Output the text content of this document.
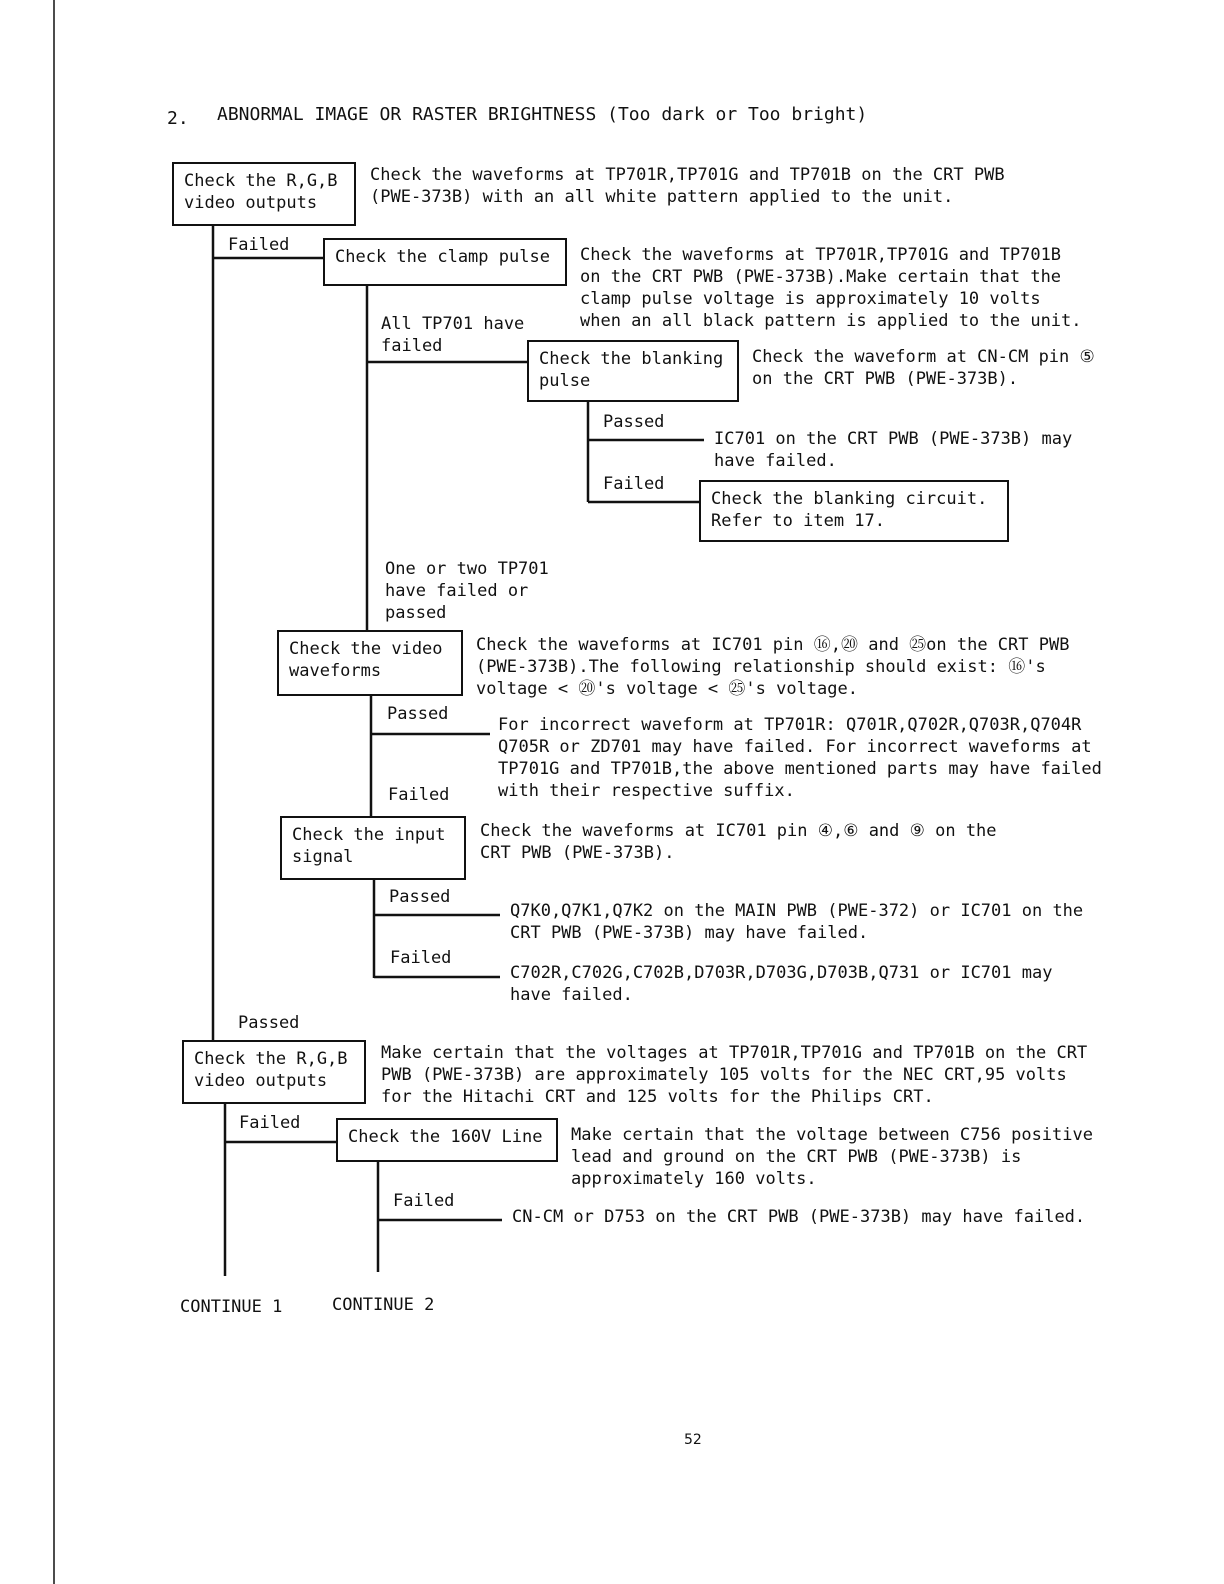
2. ABNORMAL IMAGE OR RASTER BRIGHTNESS (Too dark or Too bright)
Check the R,G,B
video outputs
Check the waveforms at TP701R,TP701G and TP701B on the CRT PWB
(PWE-373B) with an all white pattern applied to the unit.
Failed
Check the clamp pulse Check the waveforms at TP701R,TP701G and TP701B
on the CRT PWB (PWE-373B).Make certain that the
clamp pulse voltage is approximately 10 volts
when an all black pattern is applied to the unit.
All TP701 have
failed
Check the blanking
pulse
Check the waveform at CN-CM pin ⑤
on the CRT PWB (PWE-373B).
Passed
IC701 on the CRT PWB (PWE-373B) may
have failed.
Failed
Check the blanking circuit.
Refer to item 17.
One or two TP701
have failed or
passed
Check the video
waveforms
Check the waveforms at IC701 pin ⑯,⑳ and ㉕on the CRT PWB
(PWE-373B).The following relationship should exist: ⑯'s
voltage < ⑳'s voltage < ㉕'s voltage.
Passed
For incorrect waveform at TP701R: Q701R,Q702R,Q703R,Q704R
Q705R or ZD701 may have failed. For incorrect waveforms at
TP701G and TP701B,the above mentioned parts may have failed
with their respective suffix.
Failed
Check the input
signal
Check the waveforms at IC701 pin ④,⑥ and ⑨ on the
CRT PWB (PWE-373B).
Passed
Q7K0,Q7K1,Q7K2 on the MAIN PWB (PWE-372) or IC701 on the
CRT PWB (PWE-373B) may have failed.
Failed
C702R,C702G,C702B,D703R,D703G,D703B,Q731 or IC701 may
have failed.
Passed
Check the R,G,B
video outputs
Make certain that the voltages at TP701R,TP701G and TP701B on the CRT
PWB (PWE-373B) are approximately 105 volts for the NEC CRT,95 volts
for the Hitachi CRT and 125 volts for the Philips CRT.
Failed
Check the 160V Line Make certain that the voltage between C756 positive
lead and ground on the CRT PWB (PWE-373B) is
approximately 160 volts.
Failed
CN-CM or D753 on the CRT PWB (PWE-373B) may have failed.
CONTINUE 1	CONTINUE 2
52
